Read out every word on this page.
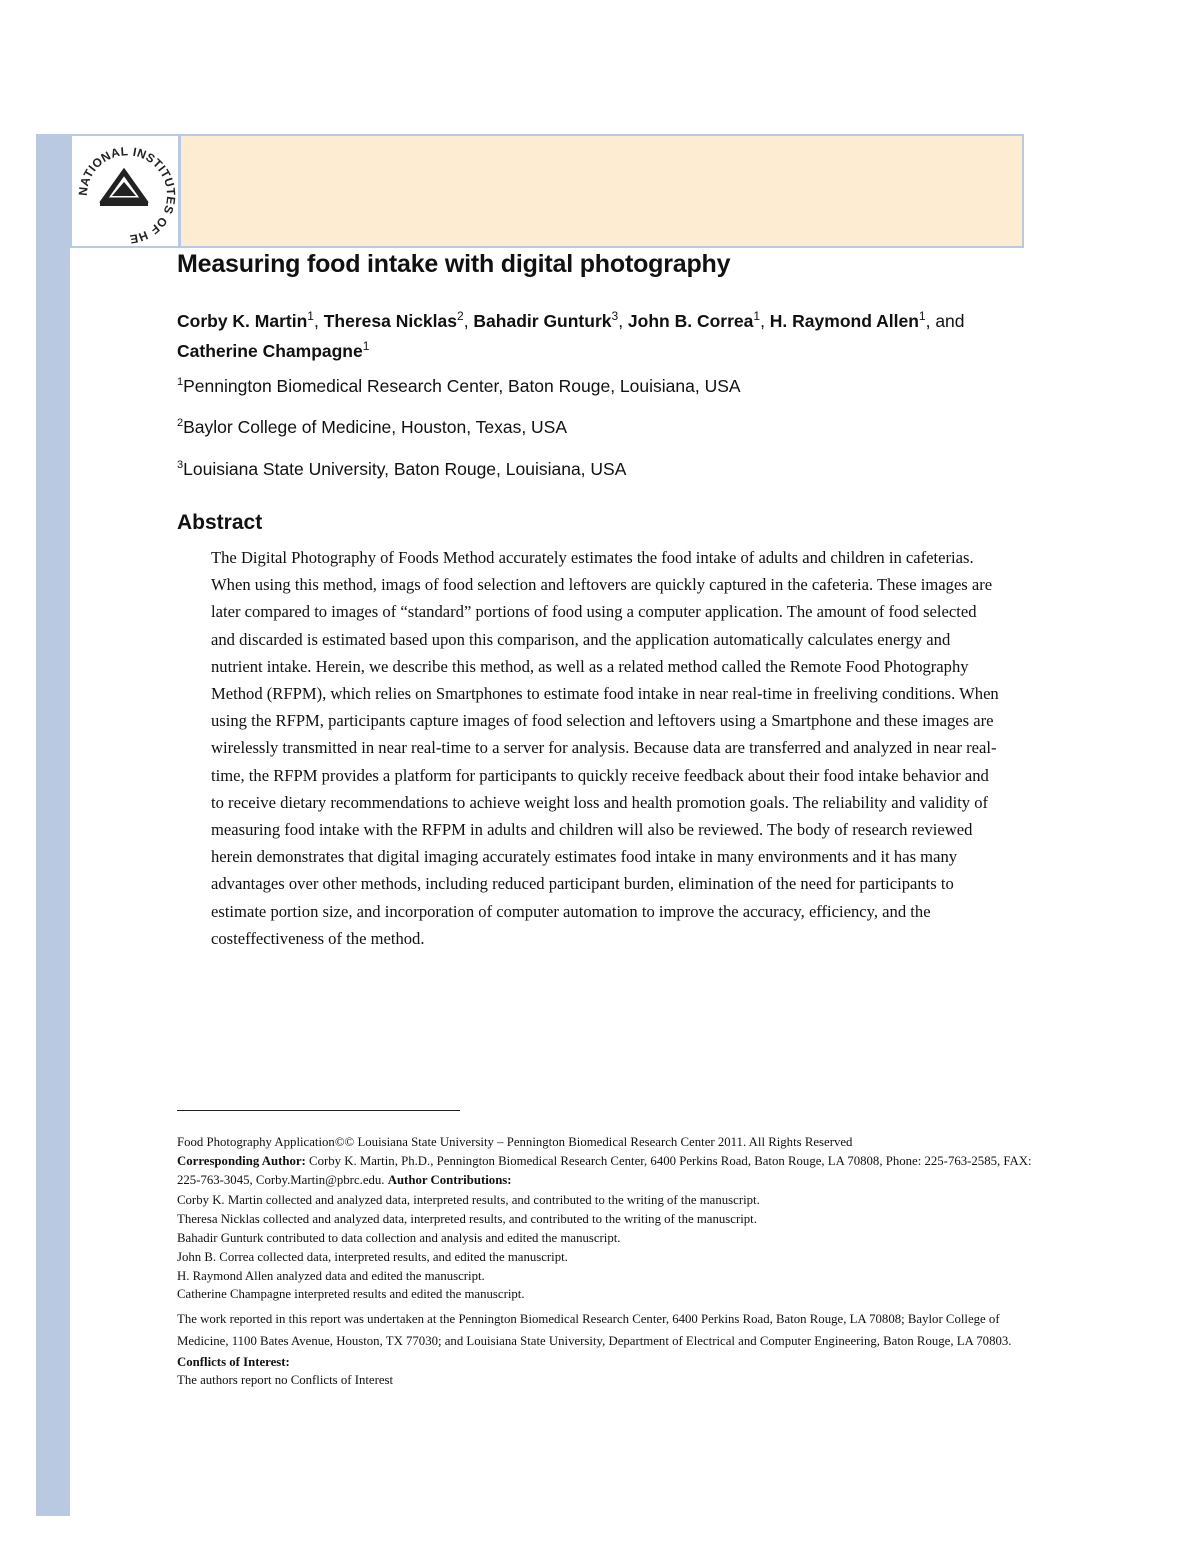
NATIONAL INSTITUTES OF HE
Measuring food intake with digital photography

Corby K. Martin$^1$, Theresa Nicklas$^2$, Bahadir Gunturk$^3$, John B. Correa$^1$, H. Raymond Allen$^1$, and Catherine Champagne$^1$

$^1$Pennington Biomedical Research Center, Baton Rouge, Louisiana, USA

$^2$Baylor College of Medicine, Houston, Texas, USA

$^3$Louisiana State University, Baton Rouge, Louisiana, USA

Abstract

The Digital Photography of Foods Method accurately estimates the food intake of adults and children in cafeterias. When using this method, imags of food selection and leftovers are quickly captured in the cafeteria. These images are later compared to images of “standard” portions of food using a computer application. The amount of food selected and discarded is estimated based upon this comparison, and the application automatically calculates energy and nutrient intake. Herein, we describe this method, as well as a related method called the Remote Food Photography Method (RFPM), which relies on Smartphones to estimate food intake in near real-time in freeliving conditions. When using the RFPM, participants capture images of food selection and leftovers using a Smartphone and these images are wirelessly transmitted in near real-time to a server for analysis. Because data are transferred and analyzed in near real-time, the RFPM provides a platform for participants to quickly receive feedback about their food intake behavior and to receive dietary recommendations to achieve weight loss and health promotion goals. The reliability and validity of measuring food intake with the RFPM in adults and children will also be reviewed. The body of research reviewed herein demonstrates that digital imaging accurately estimates food intake in many environments and it has many advantages over other methods, including reduced participant burden, elimination of the need for participants to estimate portion size, and incorporation of computer automation to improve the accuracy, efficiency, and the costeffectiveness of the method.

Food Photography Application©© Louisiana State University – Pennington Biomedical Research Center 2011. All Rights Reserved

Corresponding Author: Corby K. Martin, Ph.D., Pennington Biomedical Research Center, 6400 Perkins Road, Baton Rouge, LA 70808, Phone: 225-763-2585, FAX: 225-763-3045, Corby.Martin@pbrc.edu. Author Contributions:

Corby K. Martin collected and analyzed data, interpreted results, and contributed to the writing of the manuscript.

Theresa Nicklas collected and analyzed data, interpreted results, and contributed to the writing of the manuscript.

Bahadir Gunturk contributed to data collection and analysis and edited the manuscript.

John B. Correa collected data, interpreted results, and edited the manuscript.

H. Raymond Allen analyzed data and edited the manuscript.

Catherine Champagne interpreted results and edited the manuscript.

The work reported in this report was undertaken at the Pennington Biomedical Research Center, 6400 Perkins Road, Baton Rouge, LA 70808; Baylor College of Medicine, 1100 Bates Avenue, Houston, TX 77030; and Louisiana State University, Department of Electrical and Computer Engineering, Baton Rouge, LA 70803. Conflicts of Interest:

The authors report no Conflicts of Interest
